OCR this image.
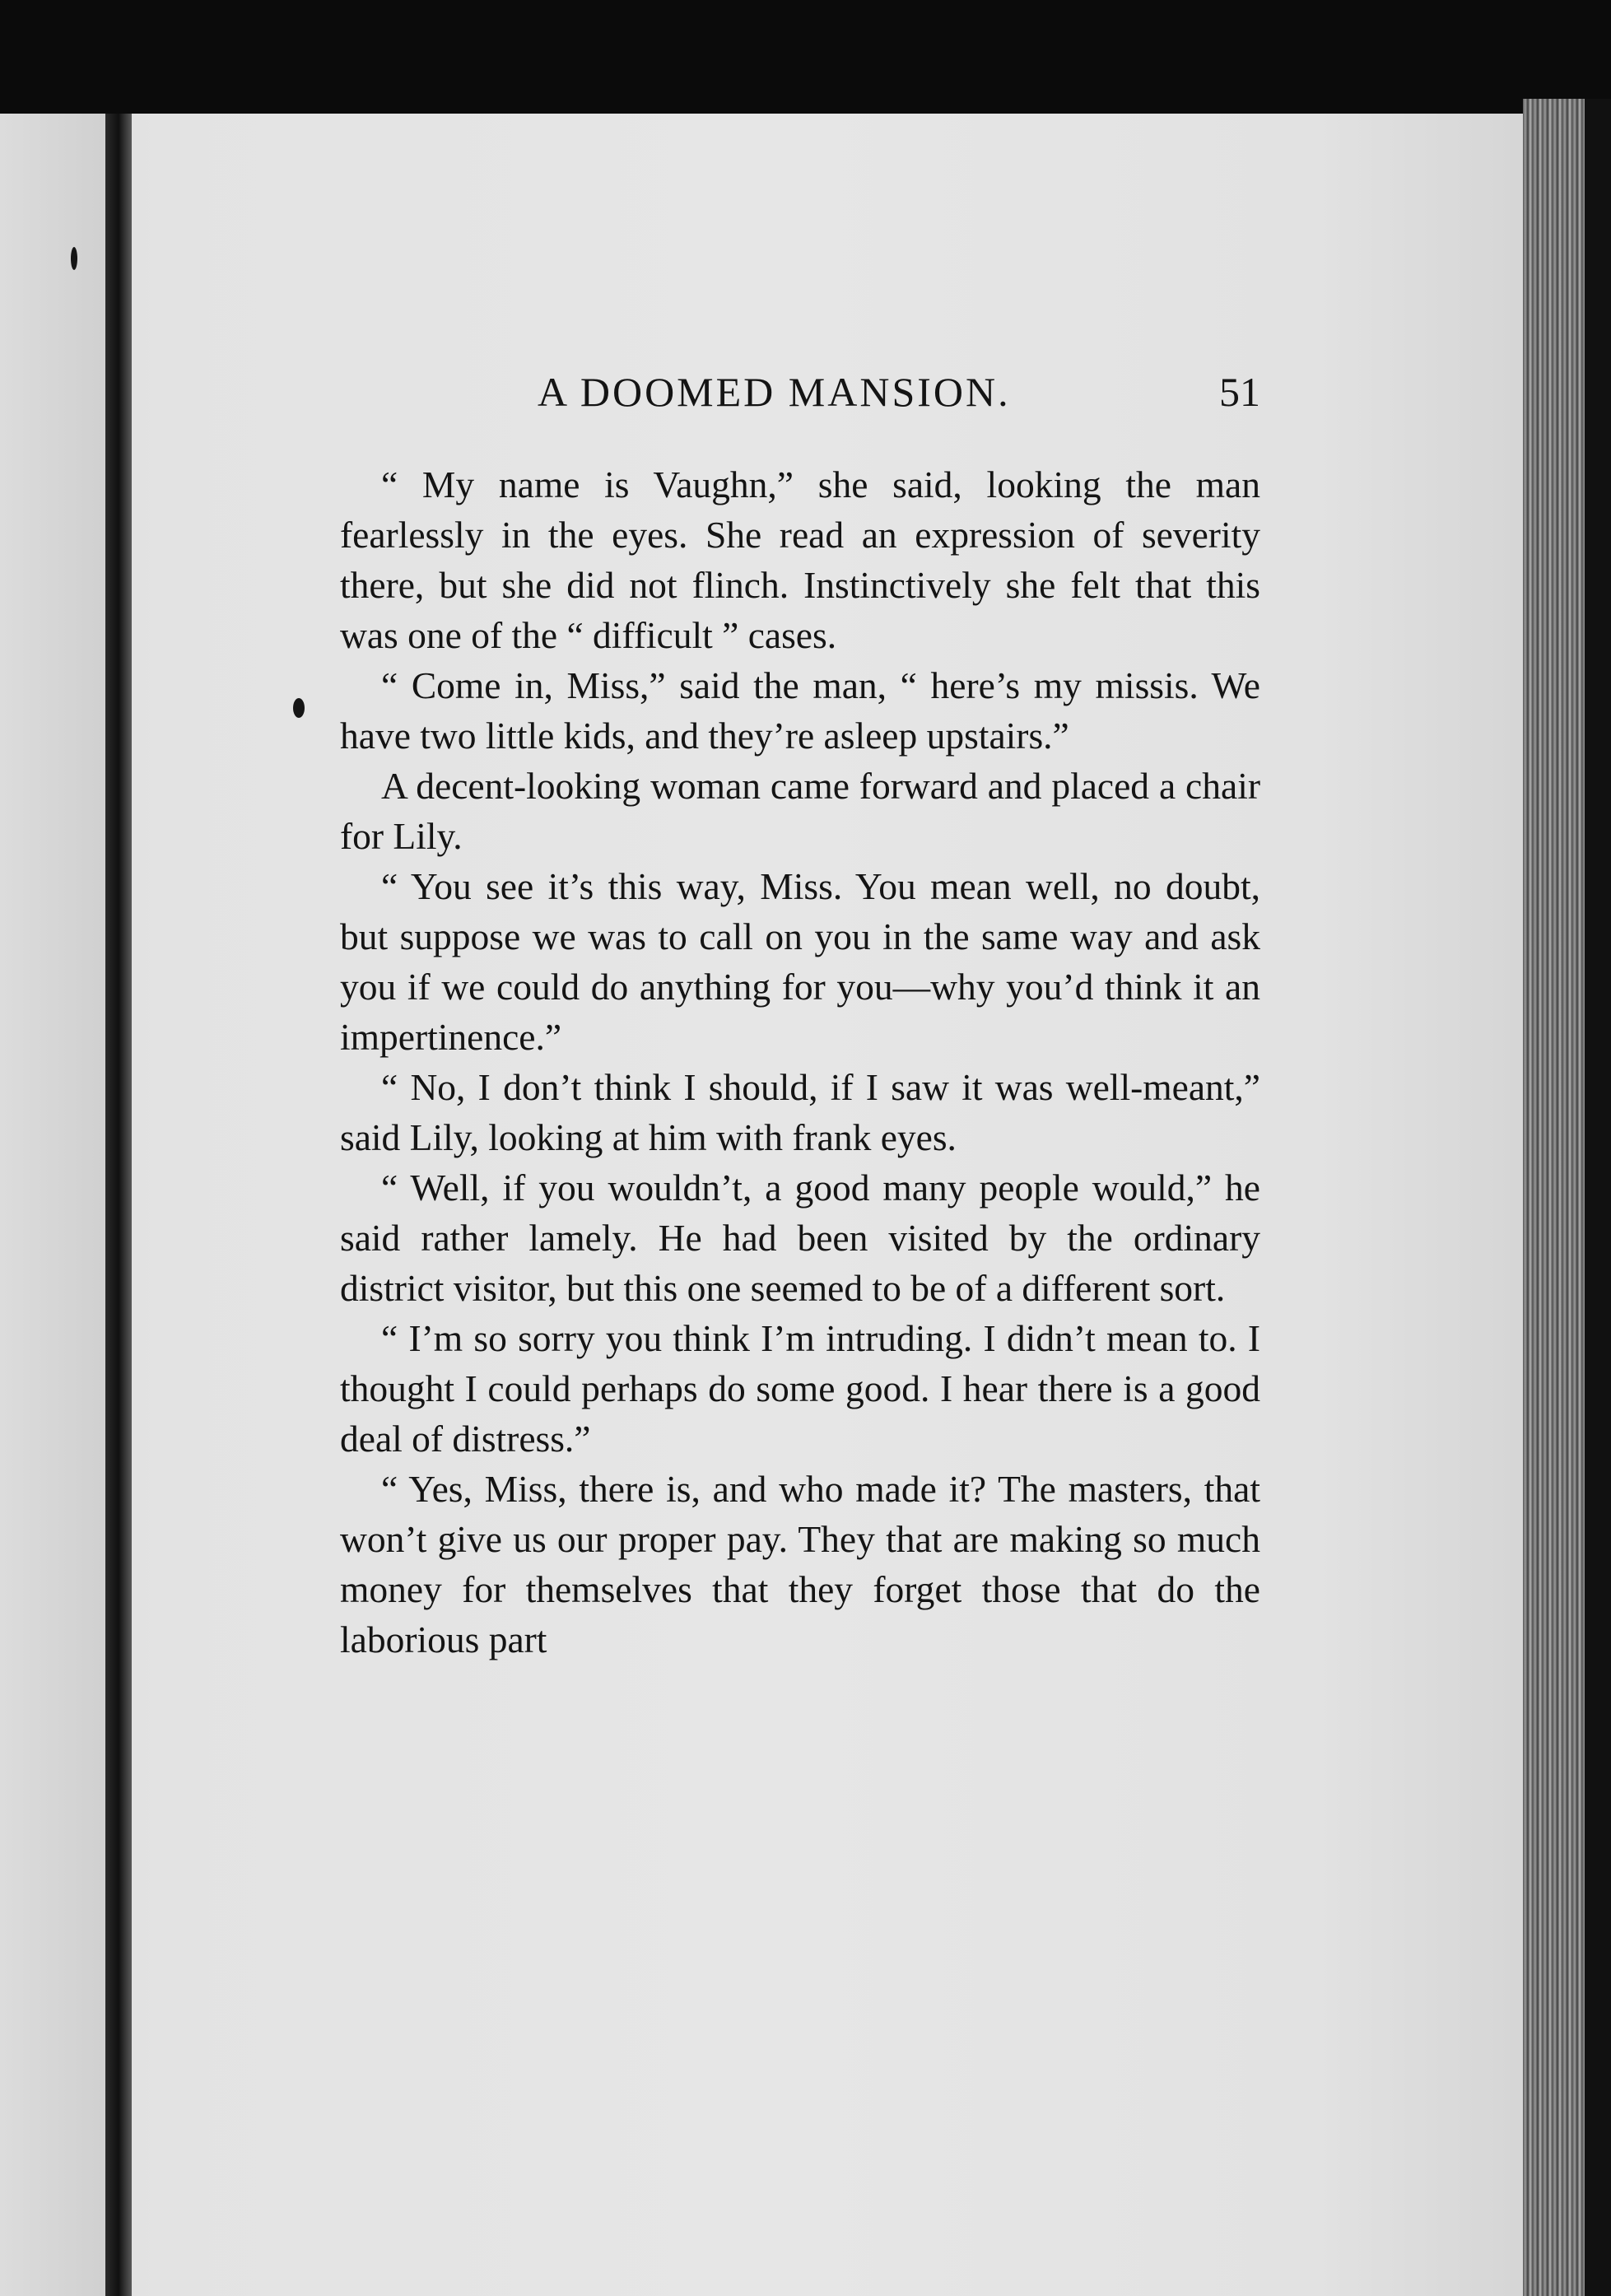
A DOOMED MANSION.	51

“ My name is Vaughn,” she said, looking the man fearlessly in the eyes. She read an expression of severity there, but she did not flinch. Instinctively she felt that this was one of the “ difficult ” cases.

“ Come in, Miss,” said the man, “ here’s my missis. We have two little kids, and they’re asleep upstairs.”

A decent-looking woman came forward and placed a chair for Lily.

“ You see it’s this way, Miss. You mean well, no doubt, but suppose we was to call on you in the same way and ask you if we could do anything for you—why you’d think it an impertinence.”

“ No, I don’t think I should, if I saw it was well-meant,” said Lily, looking at him with frank eyes.

“ Well, if you wouldn’t, a good many people would,” he said rather lamely. He had been visited by the ordinary district visitor, but this one seemed to be of a different sort.

“ I’m so sorry you think I’m intruding. I didn’t mean to. I thought I could perhaps do some good. I hear there is a good deal of distress.”

“ Yes, Miss, there is, and who made it? The masters, that won’t give us our proper pay. They that are making so much money for themselves that they forget those that do the laborious part
